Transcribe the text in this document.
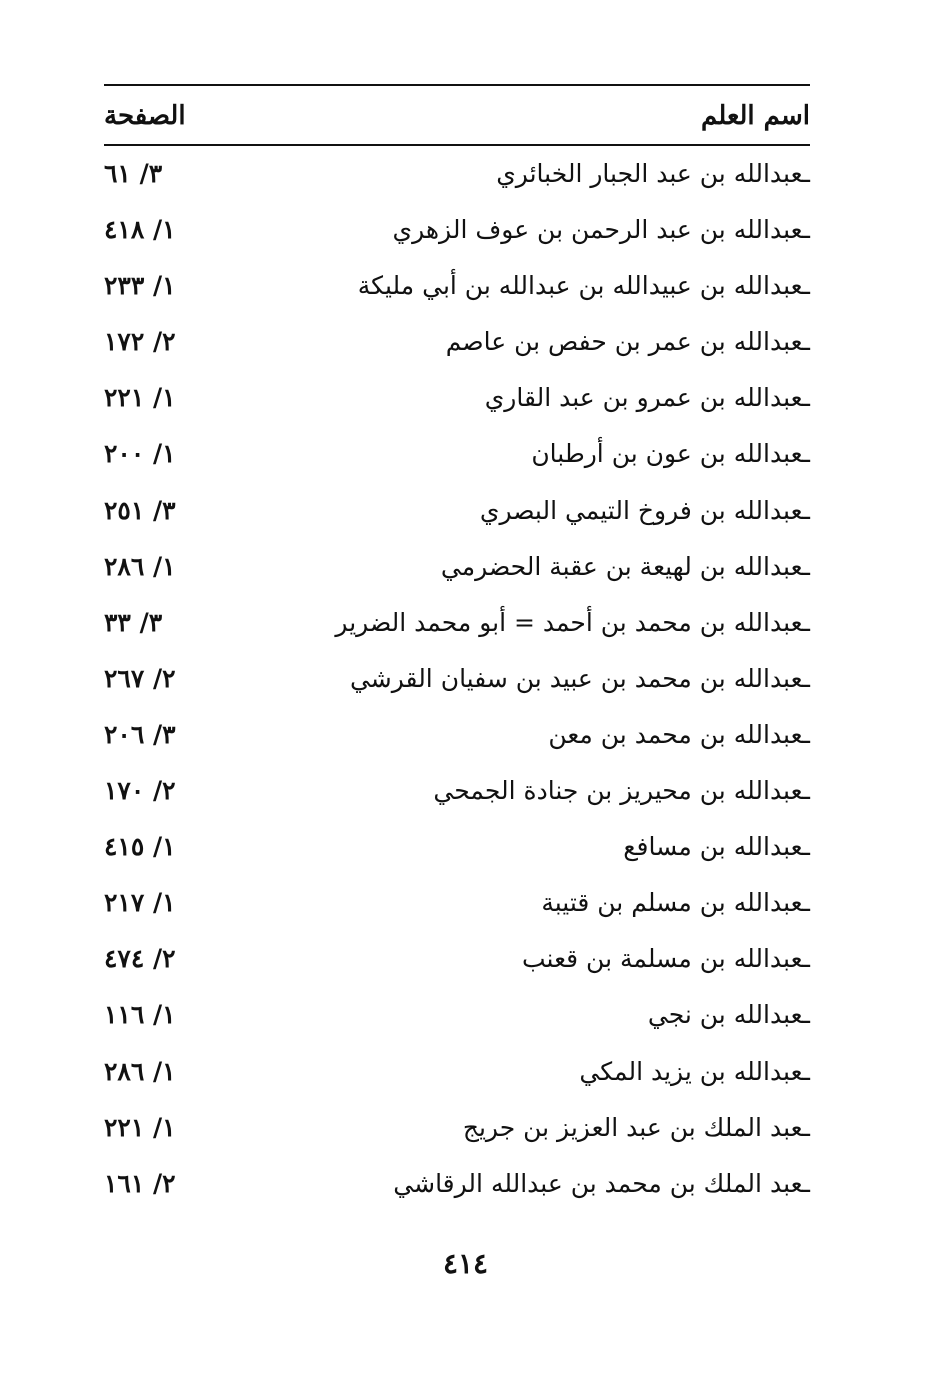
اسم العلم
الصفحة
ـعبدالله بن عبد الجبار الخبائري
٣/ ٦١
ـعبدالله بن عبد الرحمن بن عوف الزهري
١/ ٤١٨
ـعبدالله بن عبيدالله بن عبدالله بن أبي مليكة
١/ ٢٣٣
ـعبدالله بن عمر بن حفص بن عاصم
٢/ ١٧٢
ـعبدالله بن عمرو بن عبد القاري
١/ ٢٢١
ـعبدالله بن عون بن أرطبان
١/ ٢٠٠
ـعبدالله بن فروخ التيمي البصري
٣/ ٢٥١
ـعبدالله بن لهيعة بن عقبة الحضرمي
١/ ٢٨٦
ـعبدالله بن محمد بن أحمد = أبو محمد الضرير
٣/ ٣٣
ـعبدالله بن محمد بن عبيد بن سفيان القرشي
٢/ ٢٦٧
ـعبدالله بن محمد بن معن
٣/ ٢٠٦
ـعبدالله بن محيريز بن جنادة الجمحي
٢/ ١٧٠
ـعبدالله بن مسافع
١/ ٤١٥
ـعبدالله بن مسلم بن قتيبة
١/ ٢١٧
ـعبدالله بن مسلمة بن قعنب
٢/ ٤٧٤
ـعبدالله بن نجي
١/ ١١٦
ـعبدالله بن يزيد المكي
١/ ٢٨٦
ـعبد الملك بن عبد العزيز بن جريج
١/ ٢٢١
ـعبد الملك بن محمد بن عبدالله الرقاشي
٢/ ١٦١
٤١٤
